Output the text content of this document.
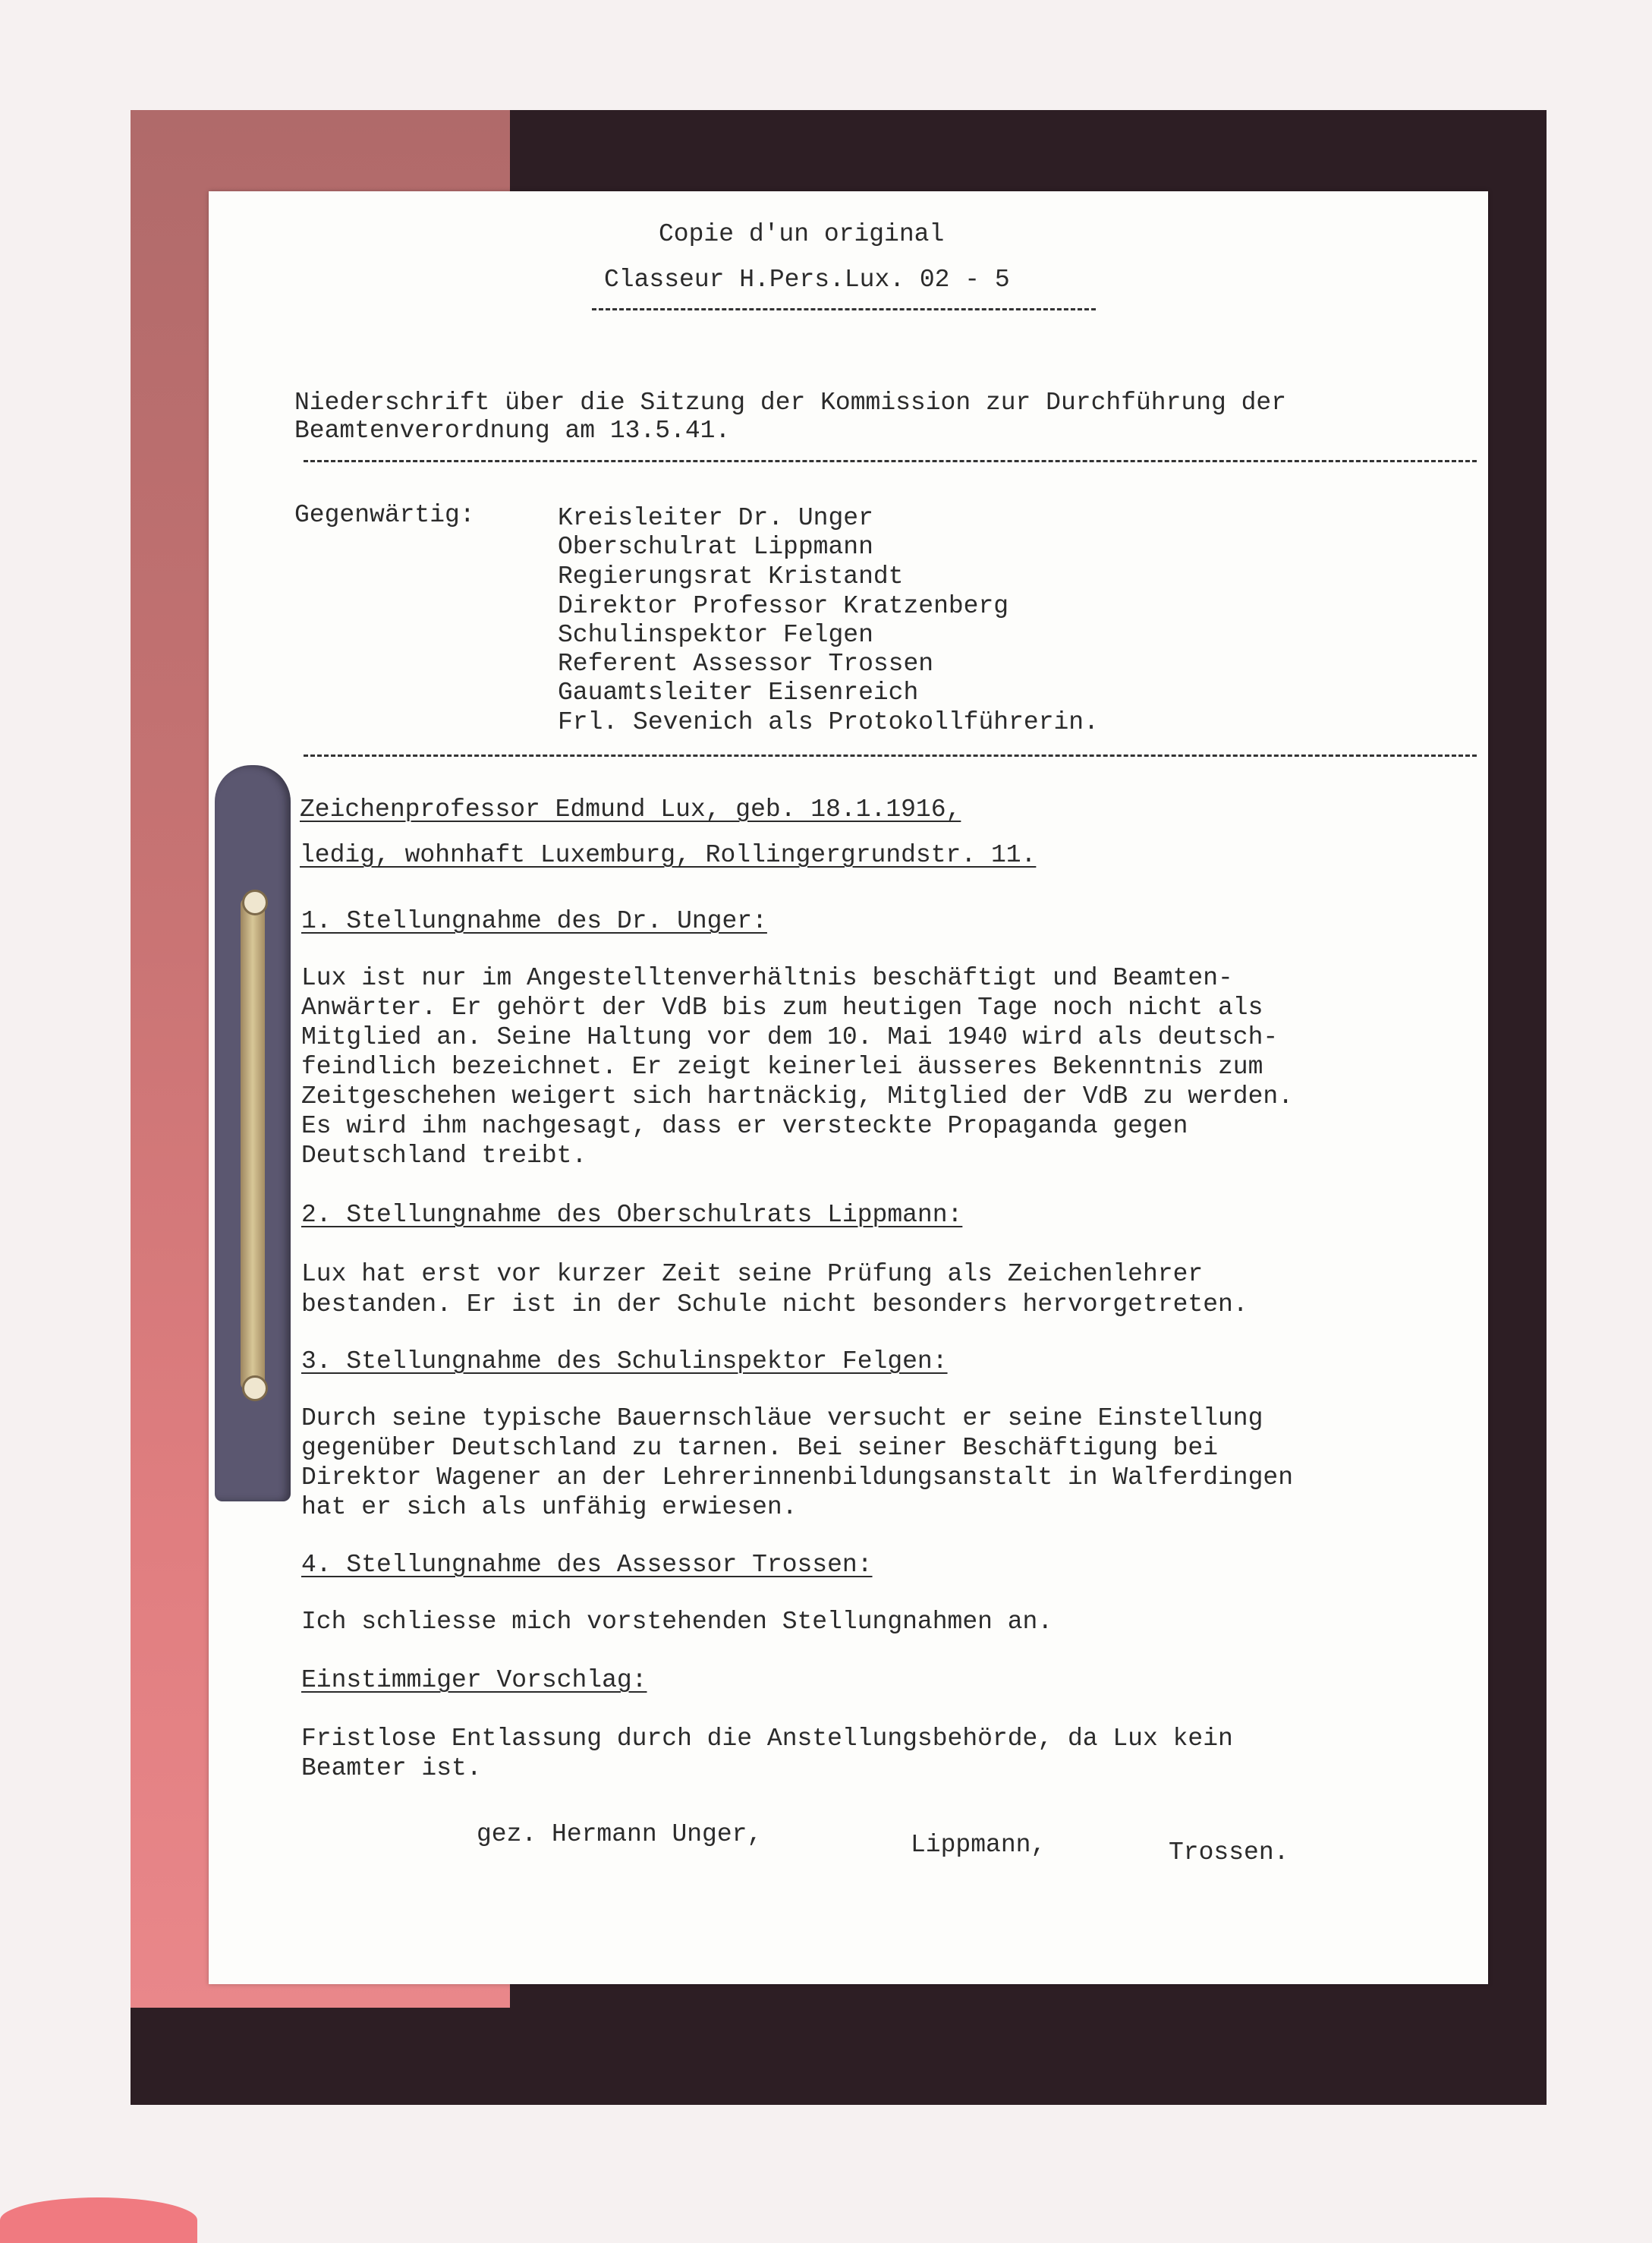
Copie d'un original
Classeur H.Pers.Lux. 02 - 5
Niederschrift über die Sitzung der Kommission zur Durchführung der
Beamtenverordnung am 13.5.41.
Gegenwärtig:	Kreisleiter Dr. Unger
Oberschulrat Lippmann
Regierungsrat Kristandt
Direktor Professor Kratzenberg
Schulinspektor Felgen
Referent Assessor Trossen
Gauamtsleiter Eisenreich
Frl. Sevenich als Protokollführerin.
Zeichenprofessor Edmund Lux, geb. 18.1.1916,
ledig, wohnhaft Luxemburg, Rollingergrundstr. 11.
1. Stellungnahme des Dr. Unger:
Lux ist nur im Angestelltenverhältnis beschäftigt und Beamten-
Anwärter. Er gehört der VdB bis zum heutigen Tage noch nicht als
Mitglied an. Seine Haltung vor dem 10. Mai 1940 wird als deutsch-
feindlich bezeichnet. Er zeigt keinerlei äusseres Bekenntnis zum
Zeitgeschehen weigert sich hartnäckig, Mitglied der VdB zu werden.
Es wird ihm nachgesagt, dass er versteckte Propaganda gegen
Deutschland treibt.
2. Stellungnahme des Oberschulrats Lippmann:
Lux hat erst vor kurzer Zeit seine Prüfung als Zeichenlehrer
bestanden. Er ist in der Schule nicht besonders hervorgetreten.
3. Stellungnahme des Schulinspektor Felgen:
Durch seine typische Bauernschläue versucht er seine Einstellung
gegenüber Deutschland zu tarnen. Bei seiner Beschäftigung bei
Direktor Wagener an der Lehrerinnenbildungsanstalt in Walferdingen
hat er sich als unfähig erwiesen.
4. Stellungnahme des Assessor Trossen:
Ich schliesse mich vorstehenden Stellungnahmen an.
Einstimmiger Vorschlag:
Fristlose Entlassung durch die Anstellungsbehörde, da Lux kein
Beamter ist.
gez. Hermann Unger,	Lippmann,	Trossen.
